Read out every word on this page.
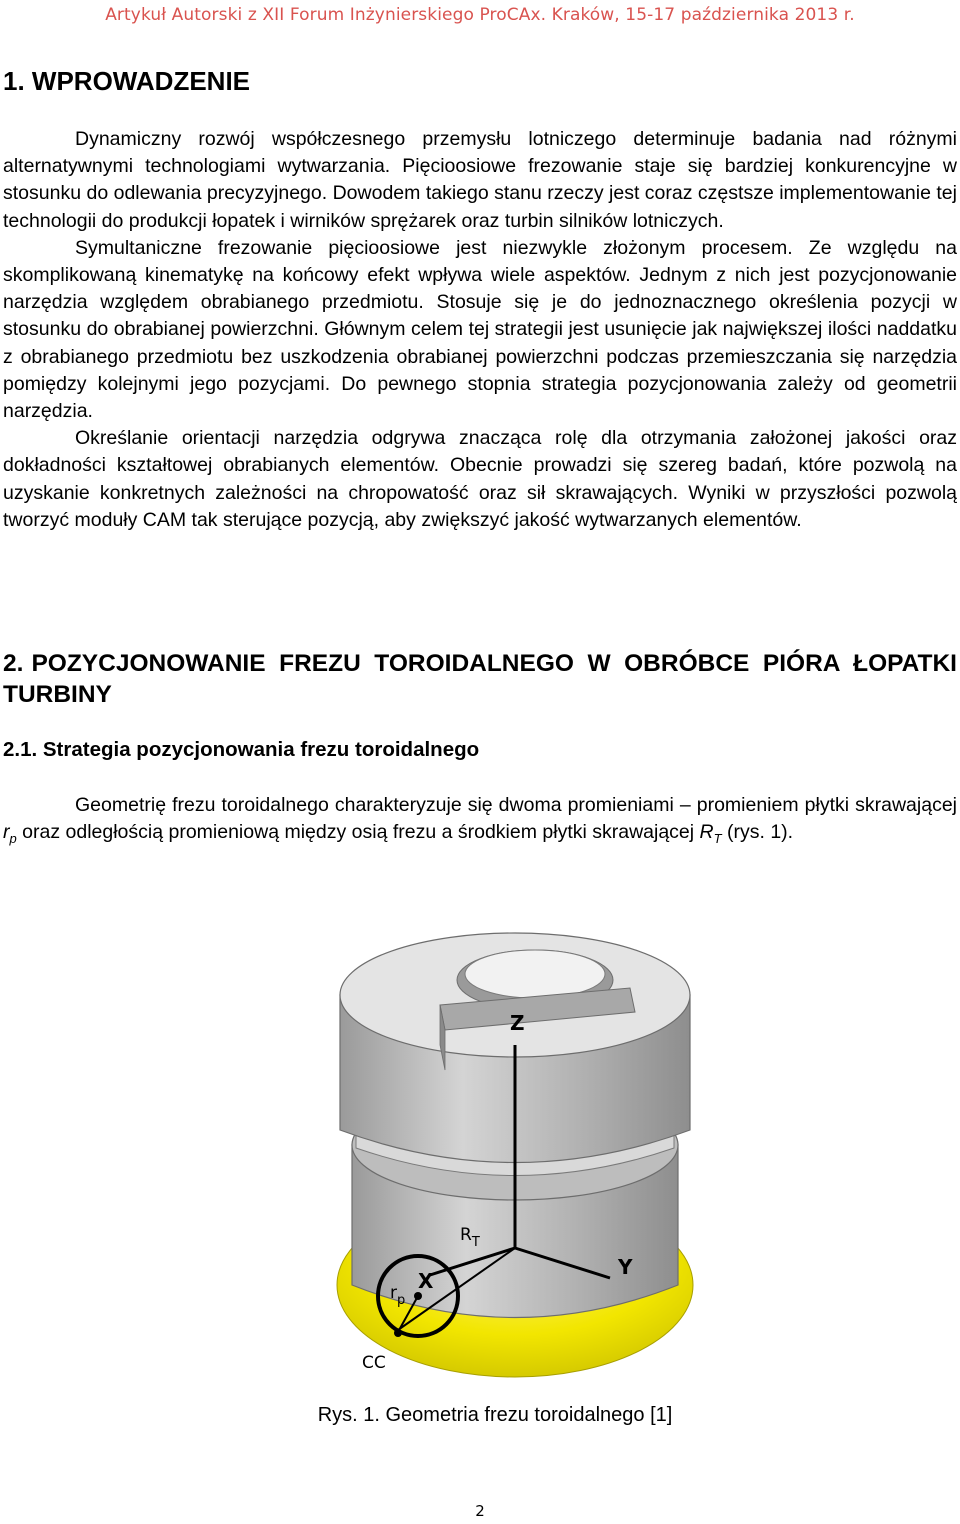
Artykuł Autorski z XII Forum Inżynierskiego ProCAx. Kraków, 15-17 października 2013 r.
1. WPROWADZENIE

Dynamiczny rozwój współczesnego przemysłu lotniczego determinuje badania nad różnymi alternatywnymi technologiami wytwarzania. Pięcioosiowe frezowanie staje się bardziej konkurencyjne w stosunku do odlewania precyzyjnego. Dowodem takiego stanu rzeczy jest coraz częstsze implementowanie tej technologii do produkcji łopatek i wirników sprężarek oraz turbin silników lotniczych.

Symultaniczne frezowanie pięcioosiowe jest niezwykle złożonym procesem. Ze względu na skomplikowaną kinematykę na końcowy efekt wpływa wiele aspektów. Jednym z nich jest pozycjonowanie narzędzia względem obrabianego przedmiotu. Stosuje się je do jednoznacznego określenia pozycji w stosunku do obrabianej powierzchni. Głównym celem tej strategii jest usunięcie jak największej ilości naddatku z obrabianego przedmiotu bez uszkodzenia obrabianej powierzchni podczas przemieszczania się narzędzia pomiędzy kolejnymi jego pozycjami. Do pewnego stopnia strategia pozycjonowania zależy od geometrii narzędzia.

Określanie orientacji narzędzia odgrywa znacząca rolę dla otrzymania założonej jakości oraz dokładności kształtowej obrabianych elementów. Obecnie prowadzi się szereg badań, które pozwolą na uzyskanie konkretnych zależności na chropowatość oraz sił skrawających. Wyniki w przyszłości pozwolą tworzyć moduły CAM tak sterujące pozycją, aby zwiększyć jakość wytwarzanych elementów.

2. POZYCJONOWANIE FREZU TOROIDALNEGO W OBRÓBCE PIÓRA ŁOPATKI TURBINY
2.1. Strategia pozycjonowania frezu toroidalnego

Geometrię frezu toroidalnego charakteryzuje się dwoma promieniami – promieniem płytki skrawającej $r_p$ oraz odległością promieniową między osią frezu a środkiem płytki skrawającej $R_T$ (rys. 1).

Z
Y
X
$R_T$
$r_p$
CC
Rys. 1. Geometria frezu toroidalnego [1]
2
